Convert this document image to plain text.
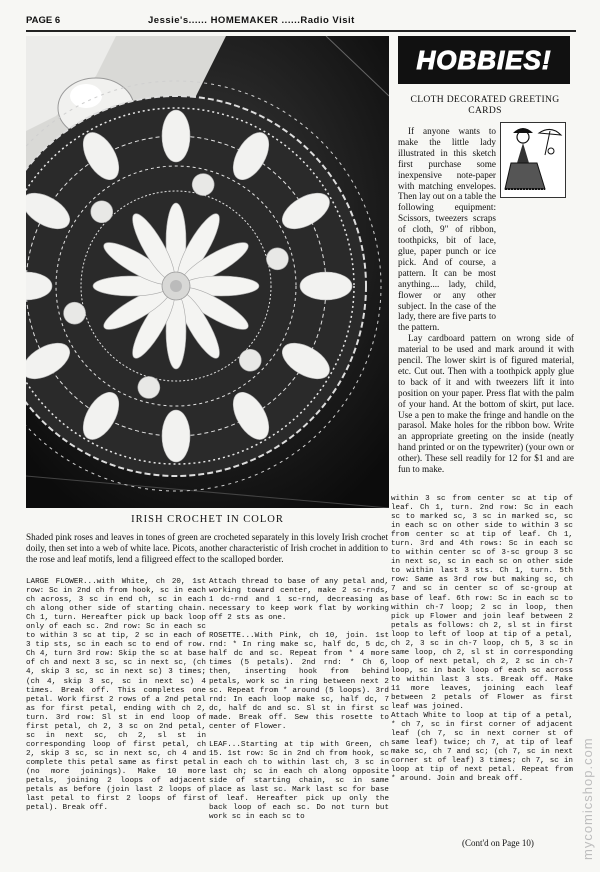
PAGE 6	Jessie's...... HOMEMAKER ......Radio Visit
IRISH CROCHET IN COLOR
Shaded pink roses and leaves in tones of green are crocheted separately in this lovely Irish crochet doily, then set into a web of white lace. Picots, another characteristic of Irish crochet in addition to the rose and leaf motifs, lend a filigreed effect to the scalloped border.

LARGE FLOWER...with White, ch 20, 1st row: Sc in 2nd ch from hook, sc in each ch across, 3 sc in end ch, sc in each ch along other side of starting chain. Ch 1, turn. Hereafter pick up back loop only of each sc. 2nd row: Sc in each sc to within 3 sc at tip, 2 sc in each of 3 tip sts, sc in each sc to end of row. Ch 4, turn 3rd row: Skip the sc at base of ch and next 3 sc, sc in next sc, (ch 4, skip 3 sc, sc in next sc) 3 times; (ch 4, skip 3 sc, sc in next sc) 4 times. Break off. This completes one petal. Work first 2 rows of a 2nd petal as for first petal, ending with ch 2, turn. 3rd row: Sl st in end loop of first petal, ch 2, 3 sc on 2nd petal, sc in next sc, ch 2, sl st in corresponding loop of first petal, ch 2, skip 3 sc, sc in next sc, ch 4 and complete this petal same as first petal (no more joinings). Make 10 more petals, joining 2 loops of adjacent petals as before (join last 2 loops of last petal to first 2 loops of first petal). Break off.

Attach thread to base of any petal and, working toward center, make 2 sc-rnds, 1 dc-rnd and 1 sc-rnd, decreasing as necessary to keep work flat by working off 2 sts as one.

ROSETTE...With Pink, ch 10, join. 1st rnd: * In ring make sc, half dc, 5 dc, half dc and sc. Repeat from * 4 more times (5 petals). 2nd rnd: * Ch 6, then, inserting hook from behind petals, work sc in ring between next 2 sc. Repeat from * around (5 loops). 3rd rnd: In each loop make sc, half dc, 7 dc, half dc and sc. Sl st in first sc made. Break off. Sew this rosette to center of Flower.

LEAF...Starting at tip with Green, ch 15. 1st row: Sc in 2nd ch from hook, sc in each ch to within last ch, 3 sc in last ch; sc in each ch along opposite side of starting chain, sc in same place as last sc. Mark last sc for base of leaf. Hereafter pick up only the back loop of each sc. Do not turn but work sc in each sc to

within 3 sc from center sc at tip of leaf. Ch 1, turn. 2nd row: Sc in each sc to marked sc, 3 sc in marked sc, sc in each sc on other side to within 3 sc from center sc at tip of leaf. Ch 1, turn. 3rd and 4th rows: Sc in each sc to within center sc of 3-sc group 3 sc in next sc, sc in each sc on other side to within last 3 sts. Ch 1, turn. 5th row: Same as 3rd row but making sc, ch 7 and sc in center sc of sc-group at base of leaf. 6th row: Sc in each sc to within ch-7 loop; 2 sc in loop, then pick up Flower and join leaf between 2 petals as follows: ch 2, sl st in first loop to left of loop at tip of a petal, ch 2, 3 sc in ch-7 loop, ch 5, 3 sc in same loop, ch 2, sl st in corresponding loop of next petal, ch 2, 2 sc in ch-7 loop, sc in back loop of each sc across to within last 3 sts. Break off. Make 11 more leaves, joining each leaf between 2 petals of Flower as first leaf was joined.
Attach White to loop at tip of a petal, * ch 7, sc in first corner of adjacent leaf (ch 7, sc in next corner st of same leaf) twice; ch 7, at tip of leaf make sc, ch 7 and sc; (ch 7, sc in next corner st of leaf) 3 times; ch 7, sc in loop at tip of next petal. Repeat from * around. Join and break off.

HOBBIES!
CLOTH DECORATED GREETING CARDS

If anyone wants to make the little lady illustrated in this sketch first purchase some inexpensive note-paper with matching envelopes. Then lay out on a table the following equipment: Scissors, tweezers scraps of cloth, 9" of ribbon, toothpicks, bit of lace, glue, paper punch or ice pick. And of course, a pattern. It can be most anything.... lady, child, flower or any other subject. In the case of the lady, there are five parts to the pattern.

Lay cardboard pattern on wrong side of material to be used and mark around it with pencil. The lower skirt is of figured material, etc. Cut out. Then with a toothpick apply glue to back of it and with tweezers lift it into position on your paper. Press flat with the palm of your hand. At the bottom of skirt, put lace. Use a pen to make the fringe and handle on the parasol. Make holes for the ribbon bow. Write an appropriate greeting on the inside (neatly hand printed or on the typewriter) (your own or other). These sell readily for 12 for $1 and are fun to make.

mycomicshop.com
(Cont'd on Page 10)
